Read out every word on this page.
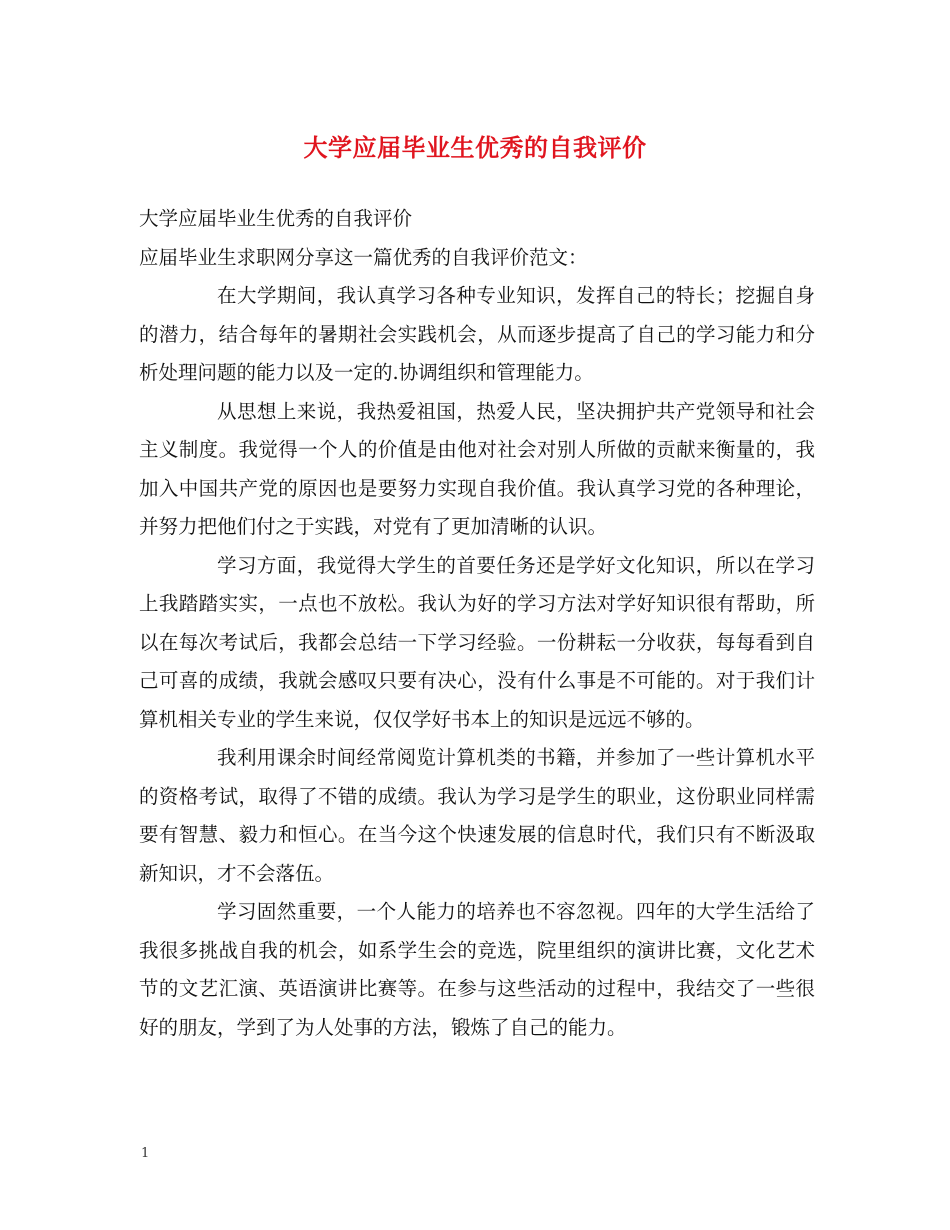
大学应届毕业生优秀的自我评价

大学应届毕业生优秀的自我评价

应届毕业生求职网分享这一篇优秀的自我评价范文：

在大学期间，我认真学习各种专业知识，发挥自己的特长；挖掘自身的潜力，结合每年的暑期社会实践机会，从而逐步提高了自己的学习能力和分析处理问题的能力以及一定的.协调组织和管理能力。

从思想上来说，我热爱祖国，热爱人民，坚决拥护共产党领导和社会主义制度。我觉得一个人的价值是由他对社会对别人所做的贡献来衡量的，我加入中国共产党的原因也是要努力实现自我价值。我认真学习党的各种理论，并努力把他们付之于实践，对党有了更加清晰的认识。

学习方面，我觉得大学生的首要任务还是学好文化知识，所以在学习上我踏踏实实，一点也不放松。我认为好的学习方法对学好知识很有帮助，所以在每次考试后，我都会总结一下学习经验。一份耕耘一分收获，每每看到自己可喜的成绩，我就会感叹只要有决心，没有什么事是不可能的。对于我们计算机相关专业的学生来说，仅仅学好书本上的知识是远远不够的。

我利用课余时间经常阅览计算机类的书籍，并参加了一些计算机水平的资格考试，取得了不错的成绩。我认为学习是学生的职业，这份职业同样需要有智慧、毅力和恒心。在当今这个快速发展的信息时代，我们只有不断汲取新知识，才不会落伍。

学习固然重要，一个人能力的培养也不容忽视。四年的大学生活给了我很多挑战自我的机会，如系学生会的竞选，院里组织的演讲比赛，文化艺术节的文艺汇演、英语演讲比赛等。在参与这些活动的过程中，我结交了一些很好的朋友，学到了为人处事的方法，锻炼了自己的能力。

1
